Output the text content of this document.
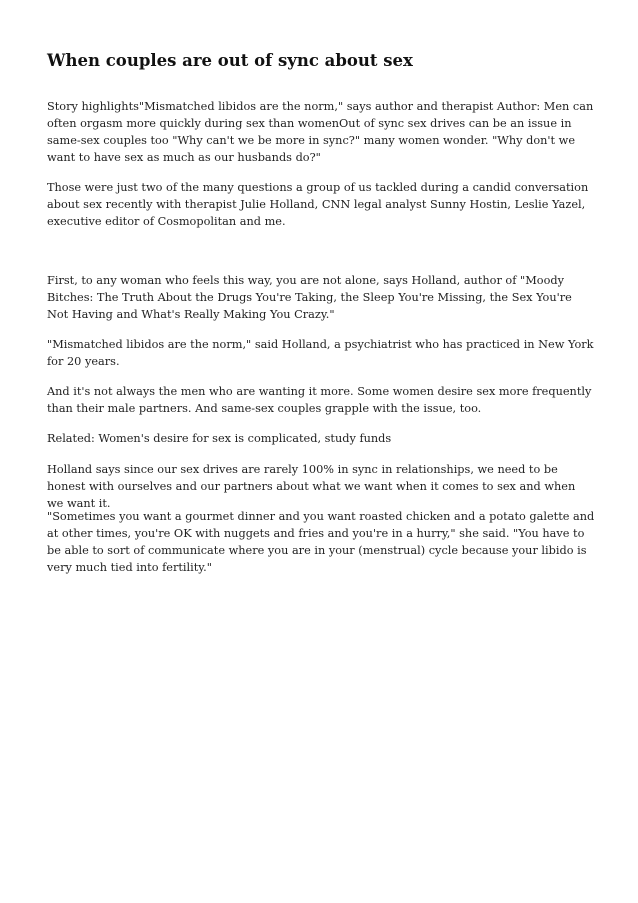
When couples are out of sync about sex

Story highlights"Mismatched libidos are the norm," says author and therapist Author: Men can often orgasm more quickly during sex than womenOut of sync sex drives can be an issue in same-sex couples too "Why can't we be more in sync?" many women wonder. "Why don't we want to have sex as much as our husbands do?"

Those were just two of the many questions a group of us tackled during a candid conversation about sex recently with therapist Julie Holland, CNN legal analyst Sunny Hostin, Leslie Yazel, executive editor of Cosmopolitan and me.

First, to any woman who feels this way, you are not alone, says Holland, author of "Moody Bitches: The Truth About the Drugs You're Taking, the Sleep You're Missing, the Sex You're Not Having and What's Really Making You Crazy."

"Mismatched libidos are the norm," said Holland, a psychiatrist who has practiced in New York for 20 years.

And it's not always the men who are wanting it more. Some women desire sex more frequently than their male partners. And same-sex couples grapple with the issue, too.

Related: Women's desire for sex is complicated, study funds

Holland says since our sex drives are rarely 100% in sync in relationships, we need to be honest with ourselves and our partners about what we want when it comes to sex and when we want it.

"Sometimes you want a gourmet dinner and you want roasted chicken and a potato galette and at other times, you're OK with nuggets and fries and you're in a hurry," she said. "You have to be able to sort of communicate where you are in your (menstrual) cycle because your libido is very much tied into fertility."
